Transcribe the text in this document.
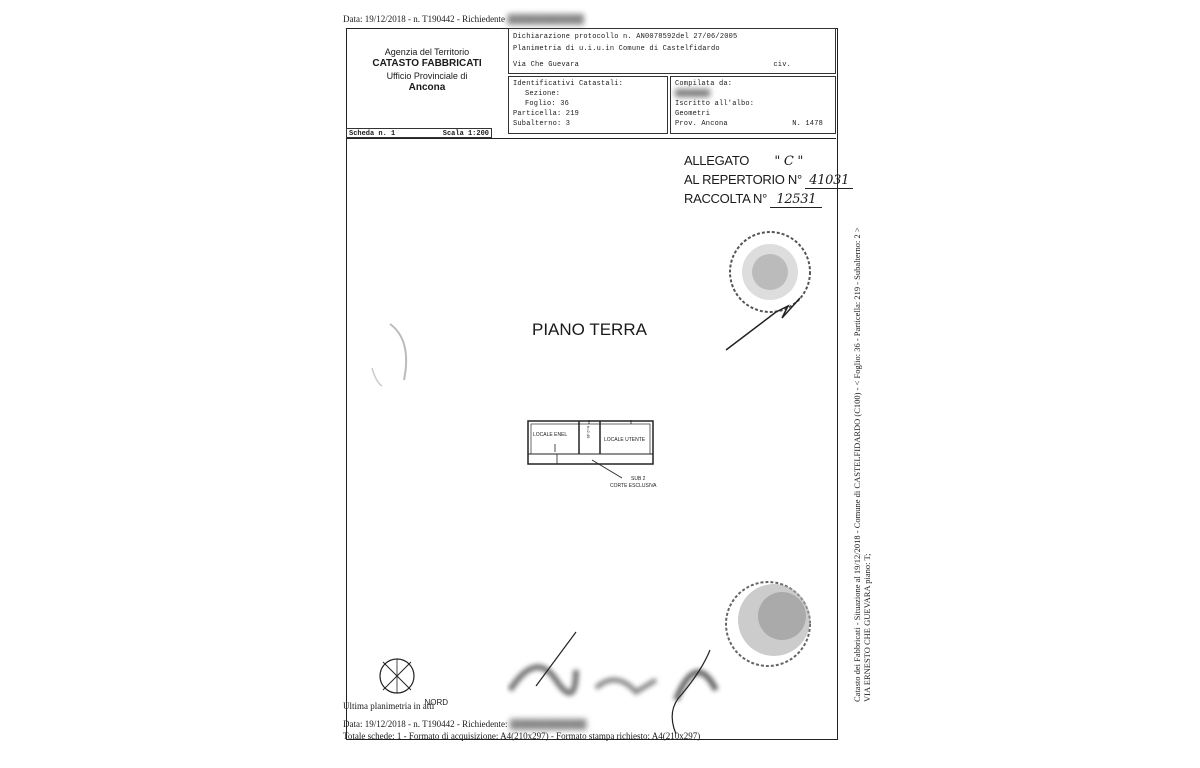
Data: 19/12/2018 - n. T190442 - Richiedente ████████████
Agenzia del Territorio
CATASTO FABBRICATI
Ufficio Provinciale di
Ancona
Dichiarazione protocollo n. AN0078592del 27/06/2005
Planimetria di u.i.u.in Comune di Castelfidardo
Via Che Guevara	civ.
Identificativi Catastali:
Sezione:
Foglio: 36
Particella: 219
Subalterno: 3
Compilata da:
████████
Iscritto all'albo:
Geometri
Prov. Ancona	N. 1478
Scheda n. 1	Scala 1:200
ALLEGATO " C "
AL REPERTORIO N° 41031
RACCOLTA N° 12531
PIANO TERRA
LOCALE ENEL	h=2.45
LOCALE UTENTE
SUB 2
CORTE ESCLUSIVA
Ultima planimetria in atti NORD
Data: 19/12/2018 - n. T190442 - Richiedente: ████████████
Totale schede: 1 - Formato di acquisizione: A4(210x297) - Formato stampa richiesto: A4(210x297)
Catasto dei Fabbricati - Situazione al 19/12/2018 - Comune di CASTELFIDARDO (C100) - < Foglio: 36 - Particella: 219 - Subalterno: 2 > VIA ERNESTO CHE GUEVARA piano: T;
